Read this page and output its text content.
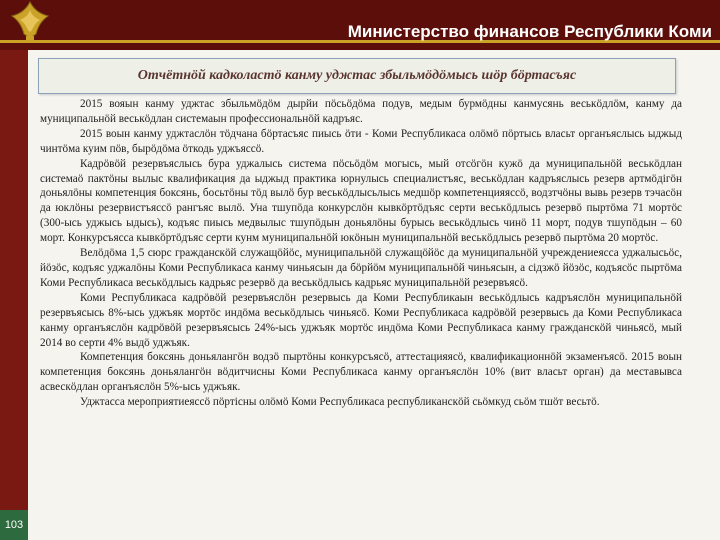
Министерство финансов Республики Коми
103
Отчётнӧй кадколастӧ канму уджтас збыльмӧдӧмысь шӧр бӧртасъяс

2015 вояын канму уджтас збыльмӧдӧм дырйи пӧсьӧдӧма подув, медым бурмӧдны канмусянь веськӧдлӧм, канму да муниципальнӧй веськӧдлан системаын профессиональнӧй кадръяс.

2015 воын канму уджтаслӧн тӧдчана бӧртасъяс пиысь ӧти - Коми Республикаса олӧмӧ пӧртысь власьт органъяслысь ыджыд чинтӧма куим пӧв, бырӧдӧма ӧткодь уджъяссӧ.

Кадрӧвӧй резервъяслысь бура уджалысь система пӧсьӧдӧм могысь, мый отсӧгӧн кужӧ да муниципальнӧй веськӧдлан системаӧ пактӧны вылыс квалификация да ыджыд практика юрнулысь специалистъяс, веськӧдлан кадръяслысь резерв артмӧдігӧн доньялӧны компетенция боксянь, босьтӧны тӧд вылӧ бур веськӧдлысьлысь медшӧр компетенцияяссӧ, водзтчӧны вывь резерв тэчасӧн да юклӧны резервистъяссӧ рангъяс вылӧ. Уна тшупӧда конкурслӧн кывкӧртӧдъяс серти веськӧдлысь резервӧ пыртӧма 71 мортӧс (300-ысь уджысь ыдысь), кодъяс пиысь медвылыс тшупӧдын доньялӧны бурысь веськӧдлысь чинӧ 11 морт, подув тшупӧдын – 60 морт. Конкурсъясса кывкӧртӧдъяс серти кунм муниципальнӧй юкӧнын муниципальнӧй веськӧдлысь резервӧ пыртӧма 20 мортӧс.

Велӧдӧма 1,5 сюрс гражданскӧй служащӧйӧс, муниципальнӧй служащӧйӧс да муниципальнӧй учреждениеясса уджалысьӧс, йӧзӧс, кодъяс уджалӧны Коми Республикаса канму чиньясын да бӧрйӧм муниципальнӧй чиньясын, а сідзжӧ йӧзӧс, кодъясӧс пыртӧма Коми Республикаса веськӧдлысь кадрьяс резервӧ да веськӧдлысь кадрьяс муниципальнӧй резервъясӧ.

Коми Республикаса кадрӧвӧй резервъяслӧн резервысь да Коми Республикаын веськӧдлысь кадръяслӧн муниципальнӧй резервъясысь 8%-ысь уджъяк мортӧс индӧма веськӧдлысь чиньясӧ. Коми Республикаса кадрӧвӧй резервысь да Коми Республикаса канму органъяслӧн кадрӧвӧй резервъясысь 24%-ысь уджъяк мортӧс индӧма Коми Республикаса канму гражданскӧй чиньясӧ, мый 2014 во серти 4% выдӧ уджъяк.

Компетенция боксянь доньялангӧн водзӧ пыртӧны конкурсъясӧ, аттестацияясӧ, квалификационнӧй экзаменъясӧ. 2015 воын компетенция боксянь доньялангӧн вӧдитчисны Коми Республикаса канму органъяслӧн 10% (вит власьт орган) да меставывса асвескӧдлан органъяслӧн 5%-ысь уджъяк.

Уджтасса мероприятиеяссӧ пӧртісны олӧмӧ Коми Республикаса республиканскӧй сьӧмкуд сьӧм тшӧт весьтӧ.
